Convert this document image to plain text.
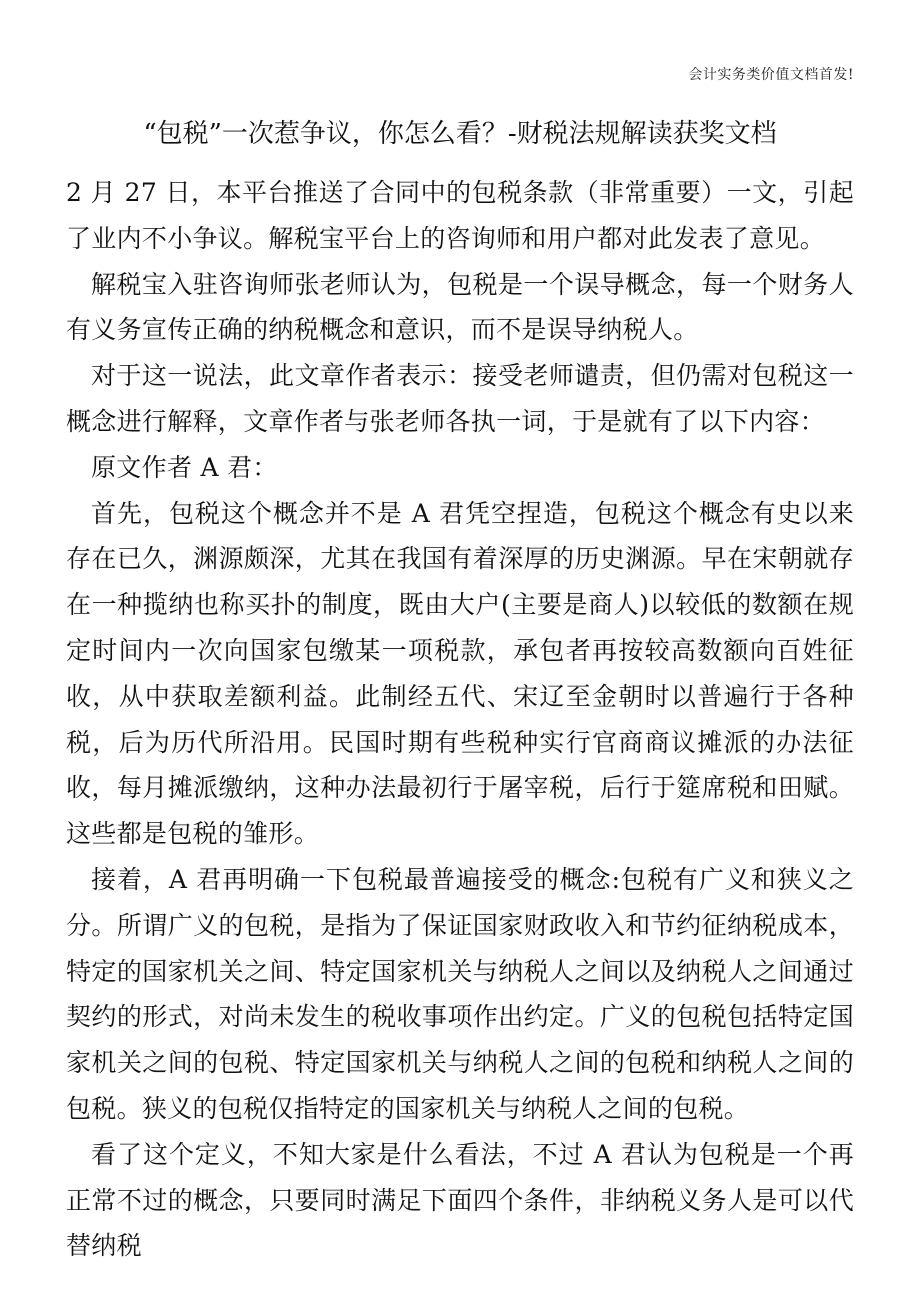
会计实务类价值文档首发!
“包税”一次惹争议，你怎么看？-财税法规解读获奖文档

2 月 27 日，本平台推送了合同中的包税条款（非常重要）一文，引起了业内不小争议。解税宝平台上的咨询师和用户都对此发表了意见。

解税宝入驻咨询师张老师认为，包税是一个误导概念，每一个财务人有义务宣传正确的纳税概念和意识，而不是误导纳税人。

对于这一说法，此文章作者表示：接受老师谴责，但仍需对包税这一概念进行解释，文章作者与张老师各执一词，于是就有了以下内容：

原文作者 A 君：

首先，包税这个概念并不是 A 君凭空捏造，包税这个概念有史以来存在已久，渊源颇深，尤其在我国有着深厚的历史渊源。早在宋朝就存在一种揽纳也称买扑的制度，既由大户(主要是商人)以较低的数额在规定时间内一次向国家包缴某一项税款，承包者再按较高数额向百姓征收，从中获取差额利益。此制经五代、宋辽至金朝时以普遍行于各种税，后为历代所沿用。民国时期有些税种实行官商商议摊派的办法征收，每月摊派缴纳，这种办法最初行于屠宰税，后行于筵席税和田赋。这些都是包税的雏形。

接着，A 君再明确一下包税最普遍接受的概念:包税有广义和狭义之分。所谓广义的包税，是指为了保证国家财政收入和节约征纳税成本，特定的国家机关之间、特定国家机关与纳税人之间以及纳税人之间通过契约的形式，对尚未发生的税收事项作出约定。广义的包税包括特定国家机关之间的包税、特定国家机关与纳税人之间的包税和纳税人之间的包税。狭义的包税仅指特定的国家机关与纳税人之间的包税。

看了这个定义，不知大家是什么看法，不过 A 君认为包税是一个再正常不过的概念，只要同时满足下面四个条件，非纳税义务人是可以代替纳税
